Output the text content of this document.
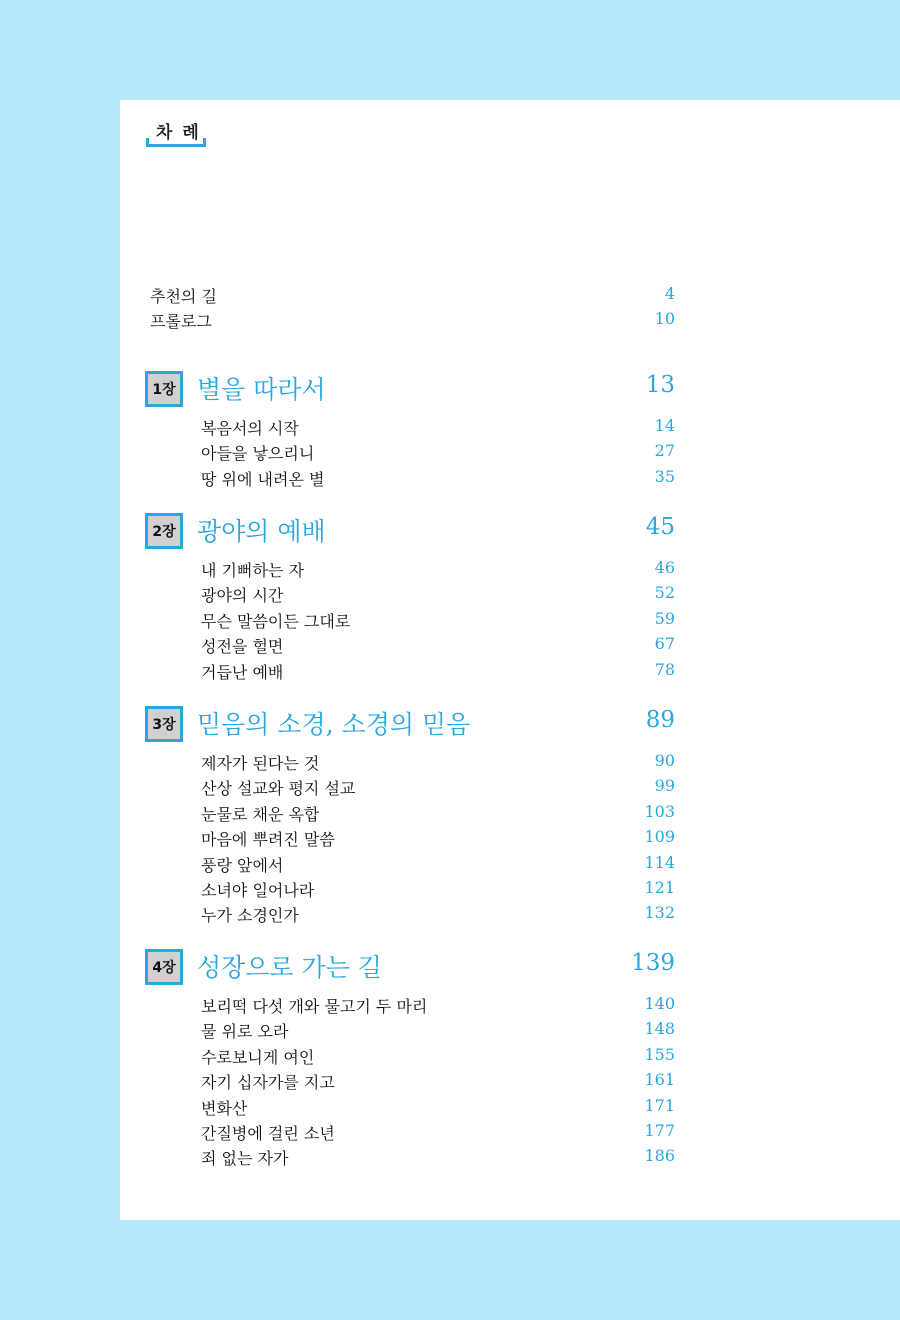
차 례
추천의 길	4
프롤로그	10
1장 별을 따라서	13
복음서의 시작	14
아들을 낳으리니	27
땅 위에 내려온 별	35
2장 광야의 예배	45
내 기뻐하는 자	46
광야의 시간	52
무슨 말씀이든 그대로	59
성전을 헐면	67
거듭난 예배	78
3장 믿음의 소경, 소경의 믿음	89
제자가 된다는 것	90
산상 설교와 평지 설교	99
눈물로 채운 옥합	103
마음에 뿌려진 말씀	109
풍랑 앞에서	114
소녀야 일어나라	121
누가 소경인가	132
4장 성장으로 가는 길	139
보리떡 다섯 개와 물고기 두 마리	140
물 위로 오라	148
수로보니게 여인	155
자기 십자가를 지고	161
변화산	171
간질병에 걸린 소년	177
죄 없는 자가	186
